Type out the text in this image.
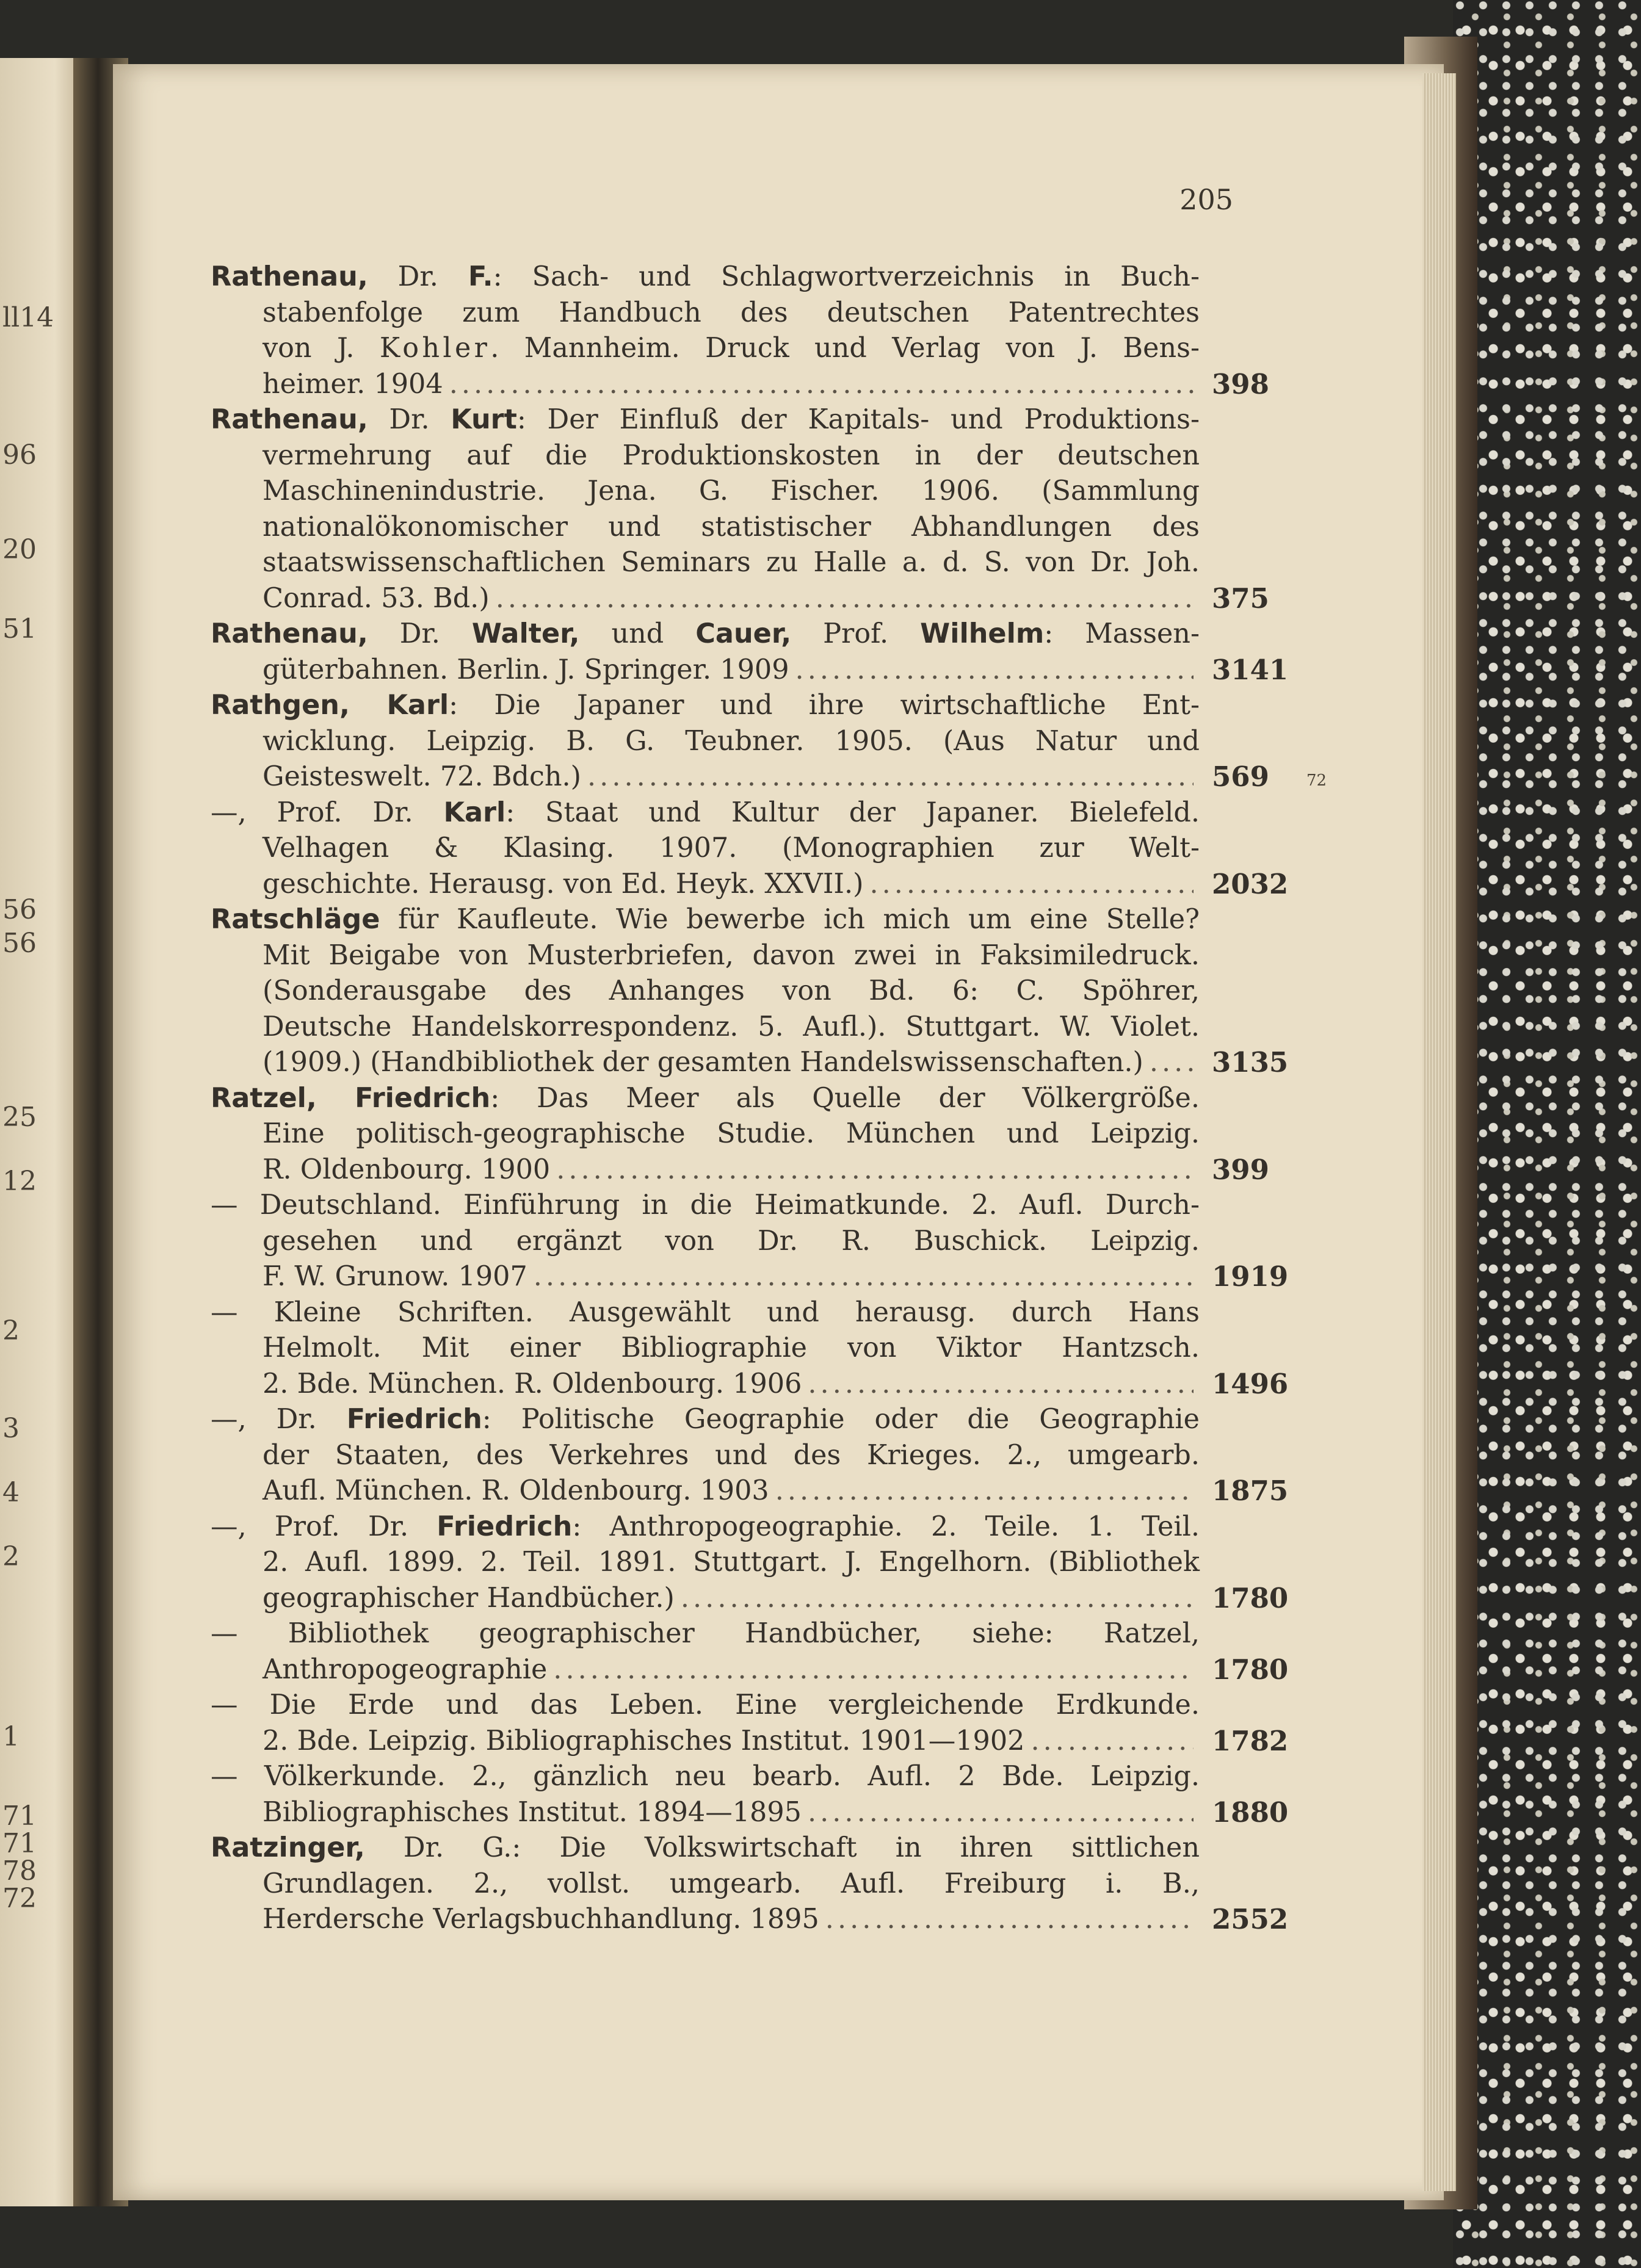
ll14
96
20
51
56
56
25
12
2
3
4
2
1
71
71
78
72
205
Rathenau, Dr. F.: Sach- und Schlagwortverzeichnis in Buch-
stabenfolge zum Handbuch des deutschen Patentrechtes
von J. Kohler. Mannheim. Druck und Verlag von J. Bens-
heimer. 1904 .....	398
Rathenau, Dr. Kurt: Der Einfluß der Kapitals- und Produktions-
vermehrung auf die Produktionskosten in der deutschen
Maschinenindustrie. Jena. G. Fischer. 1906. (Sammlung
nationalökonomischer und statistischer Abhandlungen des
staatswissenschaftlichen Seminars zu Halle a. d. S. von Dr. Joh.
Conrad. 53. Bd.) .....	375
Rathenau, Dr. Walter, und Cauer, Prof. Wilhelm: Massen-
güterbahnen. Berlin. J. Springer. 1909 .....	3141
Rathgen, Karl: Die Japaner und ihre wirtschaftliche Ent-
wicklung. Leipzig. B. G. Teubner. 1905. (Aus Natur und
Geisteswelt. 72. Bdch.) .....	569	72
—, Prof. Dr. Karl: Staat und Kultur der Japaner. Bielefeld.
Velhagen & Klasing. 1907. (Monographien zur Welt-
geschichte. Herausg. von Ed. Heyk. XXVII.) .....	2032
Ratschläge für Kaufleute. Wie bewerbe ich mich um eine Stelle?
Mit Beigabe von Musterbriefen, davon zwei in Faksimiledruck.
(Sonderausgabe des Anhanges von Bd. 6: C. Spöhrer,
Deutsche Handelskorrespondenz. 5. Aufl.). Stuttgart. W. Violet.
(1909.) (Handbibliothek der gesamten Handelswissenschaften.) ..... 3135
Ratzel, Friedrich: Das Meer als Quelle der Völkergröße.
Eine politisch-geographische Studie. München und Leipzig.
R. Oldenbourg. 1900 .....	399
— Deutschland. Einführung in die Heimatkunde. 2. Aufl. Durch-
gesehen und ergänzt von Dr. R. Buschick. Leipzig.
F. W. Grunow. 1907 .....	1919
— Kleine Schriften. Ausgewählt und herausg. durch Hans
Helmolt. Mit einer Bibliographie von Viktor Hantzsch.
2. Bde. München. R. Oldenbourg. 1906 .....	1496
—, Dr. Friedrich: Politische Geographie oder die Geographie
der Staaten, des Verkehres und des Krieges. 2., umgearb.
Aufl. München. R. Oldenbourg. 1903 .....	1875
—, Prof. Dr. Friedrich: Anthropogeographie. 2. Teile. 1. Teil.
2. Aufl. 1899. 2. Teil. 1891. Stuttgart. J. Engelhorn. (Bibliothek
geographischer Handbücher.) .....	1780
— Bibliothek geographischer Handbücher, siehe: Ratzel,
Anthropogeographie .....	1780
— Die Erde und das Leben. Eine vergleichende Erdkunde.
2. Bde. Leipzig. Bibliographisches Institut. 1901—1902 .....	1782
— Völkerkunde. 2., gänzlich neu bearb. Aufl. 2 Bde. Leipzig.
Bibliographisches Institut. 1894—1895 .....	1880
Ratzinger, Dr. G.: Die Volkswirtschaft in ihren sittlichen
Grundlagen. 2., vollst. umgearb. Aufl. Freiburg i. B.,
Herdersche Verlagsbuchhandlung. 1895 .....	2552
